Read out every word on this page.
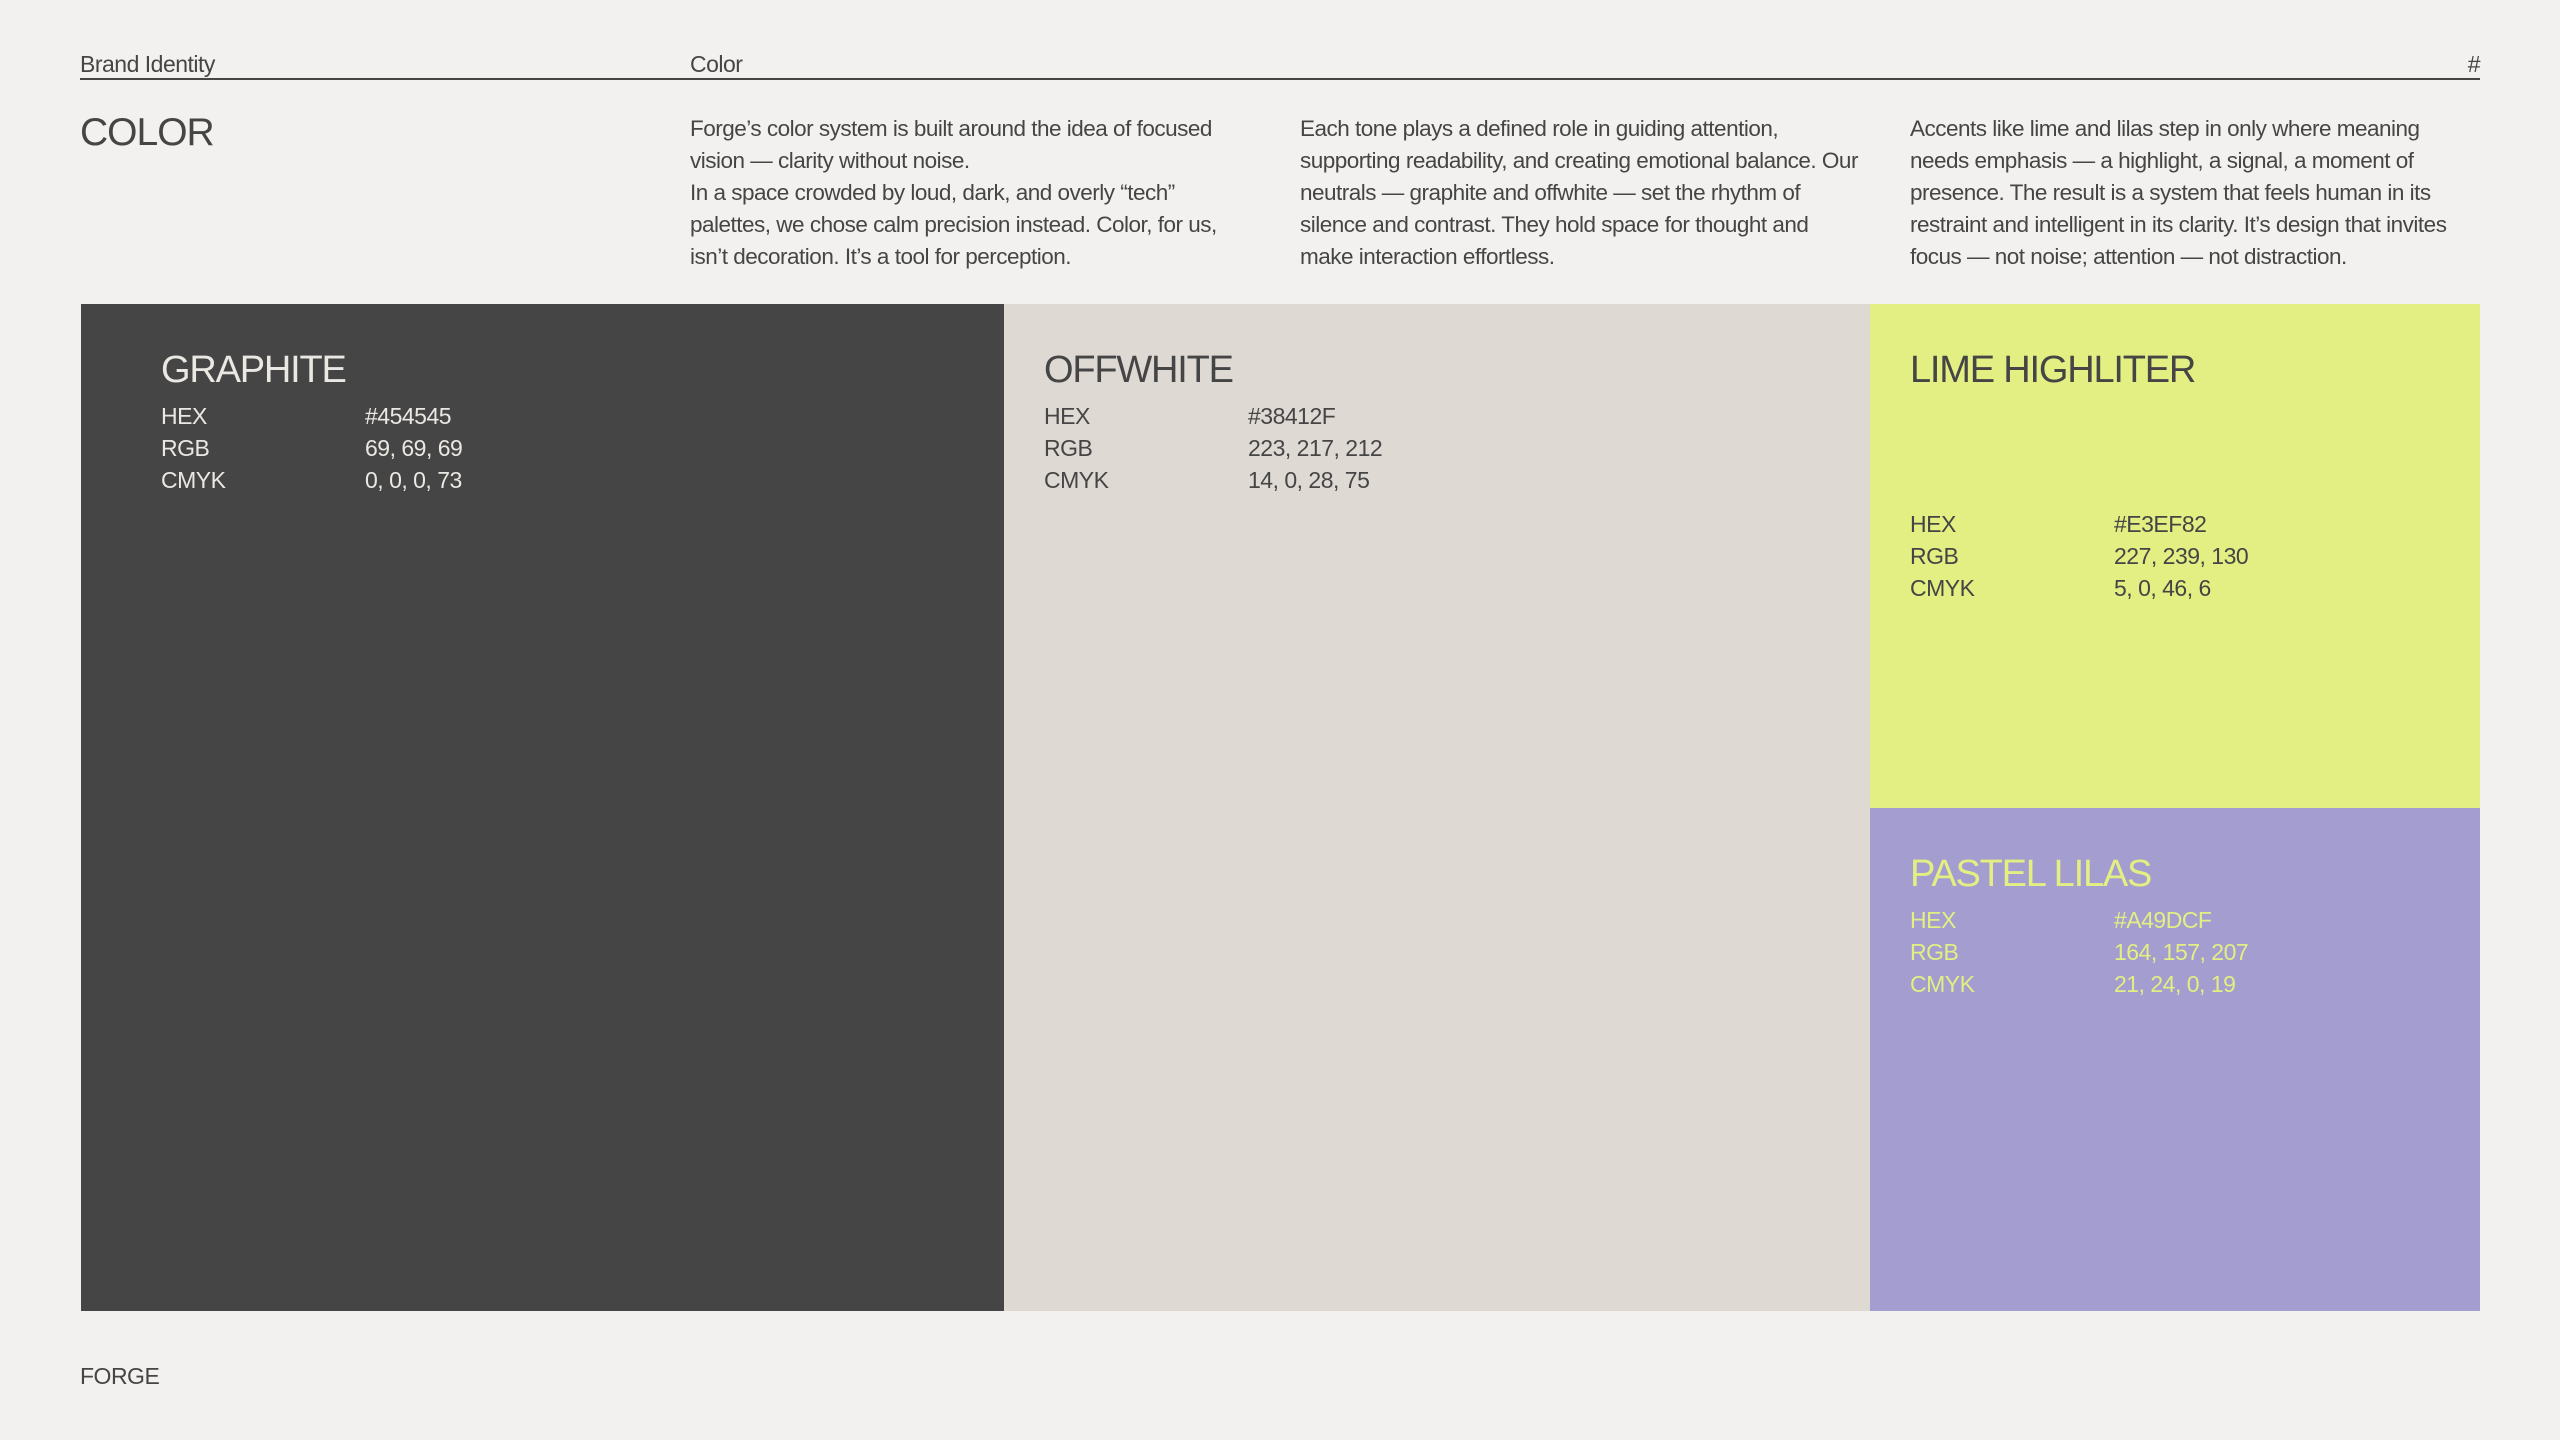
Brand Identity	Color	#
COLOR	Forge’s color system is built around the idea of focused vision — clarity without noise.
In a space crowded by loud, dark, and overly “tech” palettes, we chose calm precision instead. Color, for us, isn’t decoration. It’s a tool for perception.

Each tone plays a defined role in guiding attention, supporting readability, and creating emotional balance. Our neutrals — graphite and offwhite — set the rhythm of silence and contrast. They hold space for thought and make interaction effortless.

Accents like lime and lilas step in only where meaning needs emphasis — a highlight, a signal, a moment of presence. The result is a system that feels human in its restraint and intelligent in its clarity. It’s design that invites focus — not noise; attention — not distraction.

GRAPHITE
HEX	#454545
RGB	69, 69, 69
CMYK	0, 0, 0, 73
OFFWHITE
HEX	#38412F
RGB	223, 217, 212
CMYK	14, 0, 28, 75
LIME HIGHLITER
HEX	#E3EF82
RGB	227, 239, 130
CMYK	5, 0, 46, 6
PASTEL LILAS
HEX	#A49DCF
RGB	164, 157, 207
CMYK	21, 24, 0, 19
FORGE
